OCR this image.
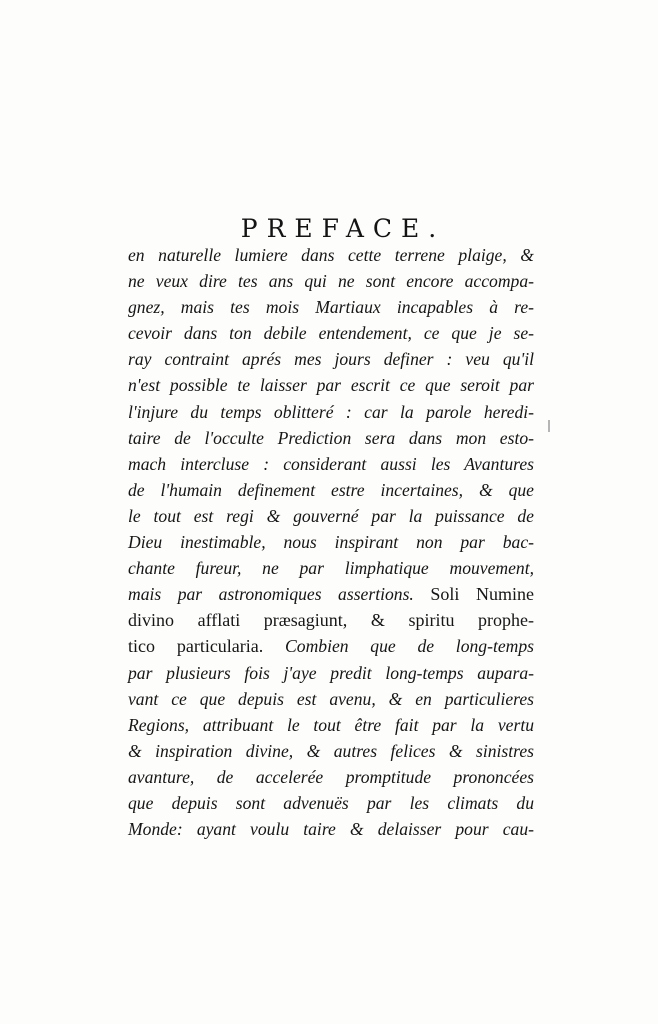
PREFACE.
en naturelle lumiere dans cette terrene plaige, &
ne veux dire tes ans qui ne sont encore accompa-
gnez, mais tes mois Martiaux incapables à re-
cevoir dans ton debile entendement, ce que je se-
ray contraint aprés mes jours definer : veu qu'il
n'est possible te laisser par escrit ce que seroit par
l'injure du temps oblitteré : car la parole heredi-
taire de l'occulte Prediction sera dans mon esto-
mach intercluse : considerant aussi les Avantures
de l'humain definement estre incertaines, & que
le tout est regi & gouverné par la puissance de
Dieu inestimable, nous inspirant non par bac-
chante fureur, ne par limphatique mouvement,
mais par astronomiques assertions. Soli Numine
divino afflati præsagiunt, & spiritu prophe-
tico particularia. Combien que de long-temps
par plusieurs fois j'aye predit long-temps aupara-
vant ce que depuis est avenu, & en particulieres
Regions, attribuant le tout être fait par la vertu
& inspiration divine, & autres felices & sinistres
avanture, de accelerée promptitude prononcées
que depuis sont advenuës par les climats du
Monde: ayant voulu taire & delaisser pour cau-
